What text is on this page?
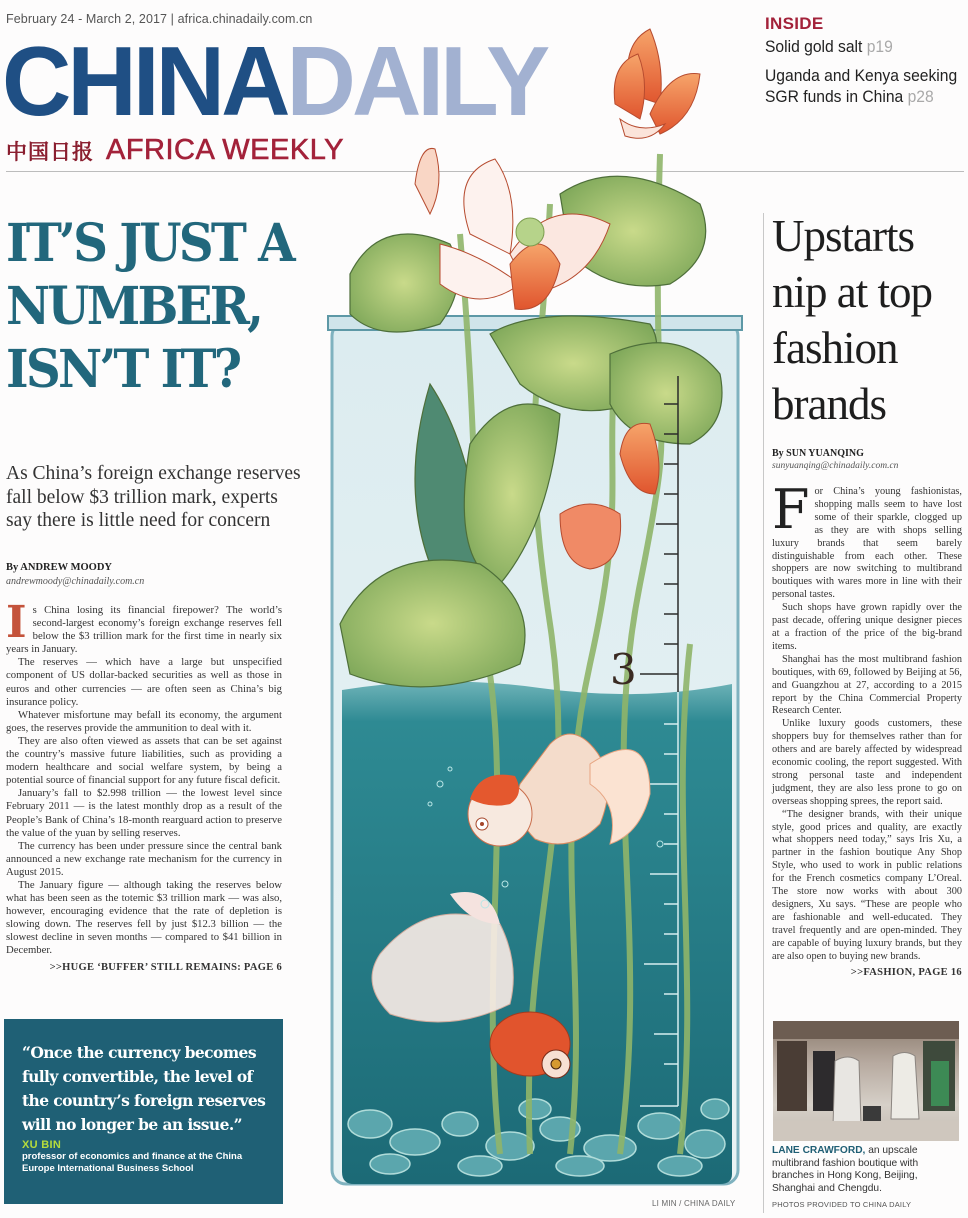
February 24 - March 2, 2017 | africa.chinadaily.com.cn
CHINADAILY
中国日报 AFRICA WEEKLY
INSIDE
Solid gold salt p19
Uganda and Kenya seeking SGR funds in China p28
3
LI MIN / CHINA DAILY
IT’S JUST A
NUMBER,
ISN’T IT?
As China’s foreign exchange reserves fall below $3 trillion mark, experts say there is little need for concern
By ANDREW MOODY
andrewmoody@chinadaily.com.cn

Is China losing its financial firepower? The world’s second-largest economy’s foreign exchange reserves fell below the $3 trillion mark for the first time in nearly six years in January.

The reserves — which have a large but unspecified component of US dollar-backed securities as well as those in euros and other currencies — are often seen as China’s big insurance policy.

Whatever misfortune may befall its economy, the argument goes, the reserves provide the ammunition to deal with it.

They are also often viewed as assets that can be set against the country’s massive future liabilities, such as providing a modern healthcare and social welfare system, by being a potential source of financial support for any future fiscal deficit.

January’s fall to $2.998 trillion — the lowest level since February 2011 — is the latest monthly drop as a result of the People’s Bank of China’s 18-month rearguard action to preserve the value of the yuan by selling reserves.

The currency has been under pressure since the central bank announced a new exchange rate mechanism for the currency in August 2015.

The January figure — although taking the reserves below what has been seen as the totemic $3 trillion mark — was also, however, encouraging evidence that the rate of depletion is slowing down. The reserves fell by just $12.3 billion — the slowest decline in seven months — compared to $41 billion in December.

>>HUGE ‘BUFFER’ STILL REMAINS: PAGE 6
“Once the currency becomes fully convertible, the level of the country’s foreign reserves will no longer be an issue.”
XU BIN
professor of economics and finance at the China Europe International Business School
Upstarts nip at top fashion brands
By SUN YUANQING
sunyuanqing@chinadaily.com.cn

For China’s young fashionistas, shopping malls seem to have lost some of their sparkle, clogged up as they are with shops selling luxury brands that seem barely distinguishable from each other. These shoppers are now switching to multibrand boutiques with wares more in line with their personal tastes.

Such shops have grown rapidly over the past decade, offering unique designer pieces at a fraction of the price of the big-brand items.

Shanghai has the most multibrand fashion boutiques, with 69, followed by Beijing at 56, and Guangzhou at 27, according to a 2015 report by the China Commercial Property Research Center.

Unlike luxury goods customers, these shoppers buy for themselves rather than for others and are barely affected by widespread economic cooling, the report suggested. With strong personal taste and independent judgment, they are also less prone to go on overseas shopping sprees, the report said.

“The designer brands, with their unique style, good prices and quality, are exactly what shoppers need today,” says Iris Xu, a partner in the fashion boutique Any Shop Style, who used to work in public relations for the French cosmetics company L’Oreal. The store now works with about 300 designers, Xu says. “These are people who are fashionable and well-educated. They travel frequently and are open-minded. They are capable of buying luxury brands, but they are also open to buying new brands.

>>FASHION, PAGE 16
LANE CRAWFORD, an upscale multibrand fashion boutique with branches in Hong Kong, Beijing, Shanghai and Chengdu.
PHOTOS PROVIDED TO CHINA DAILY
